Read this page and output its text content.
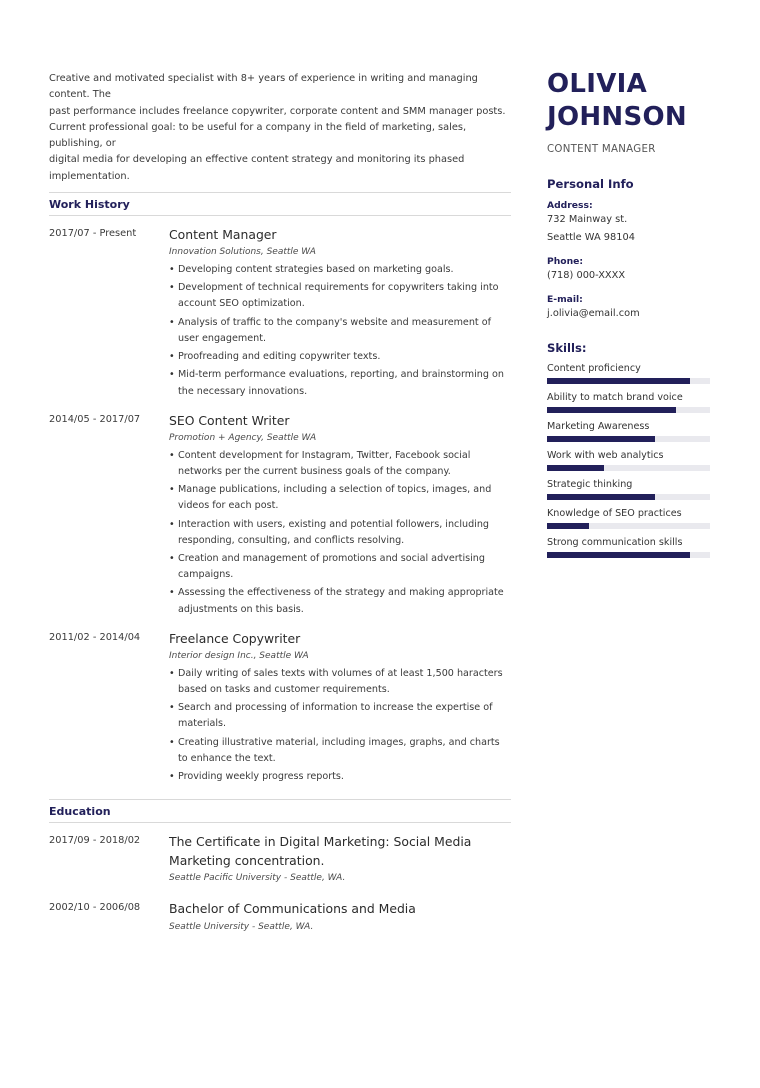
Creative and motivated specialist with 8+ years of experience in writing and managing content. The

past performance includes freelance copywriter, corporate content and SMM manager posts.

Current professional goal: to be useful for a company in the field of marketing, sales, publishing, or

digital media for developing an effective content strategy and monitoring its phased

implementation.

Work History
2017/07 - Present	Content Manager
Innovation Solutions, Seattle WA
• Developing content strategies based on marketing goals.
• Development of technical requirements for copywriters taking into account SEO optimization.
• Analysis of traffic to the company's website and measurement of user engagement.
• Proofreading and editing copywriter texts.
• Mid-term performance evaluations, reporting, and brainstorming on the necessary innovations.
2014/05 - 2017/07	SEO Content Writer
Promotion + Agency, Seattle WA
• Content development for Instagram, Twitter, Facebook social networks per the current business goals of the company.
• Manage publications, including a selection of topics, images, and videos for each post.
• Interaction with users, existing and potential followers, including responding, consulting, and conflicts resolving.
• Creation and management of promotions and social advertising campaigns.
• Assessing the effectiveness of the strategy and making appropriate adjustments on this basis.
2011/02 - 2014/04	Freelance Copywriter
Interior design Inc., Seattle WA
• Daily writing of sales texts with volumes of at least 1,500 haracters based on tasks and customer requirements.
• Search and processing of information to increase the expertise of materials.
• Creating illustrative material, including images, graphs, and charts to enhance the text.
• Providing weekly progress reports.
Education
2017/09 - 2018/02	The Certificate in Digital Marketing: Social Media Marketing concentration.
Seattle Pacific University - Seattle, WA.
2002/10 - 2006/08	Bachelor of Communications and Media
Seattle University - Seattle, WA.
OLIVIA
JOHNSON
CONTENT MANAGER
Personal Info
Address:
732 Mainway st.
Seattle WA 98104
Phone:
(718) 000-XXXX
E-mail:
j.olivia@email.com
Skills:
Content proficiency
Ability to match brand voice
Marketing Awareness
Work with web analytics
Strategic thinking
Knowledge of SEO practices
Strong communication skills
